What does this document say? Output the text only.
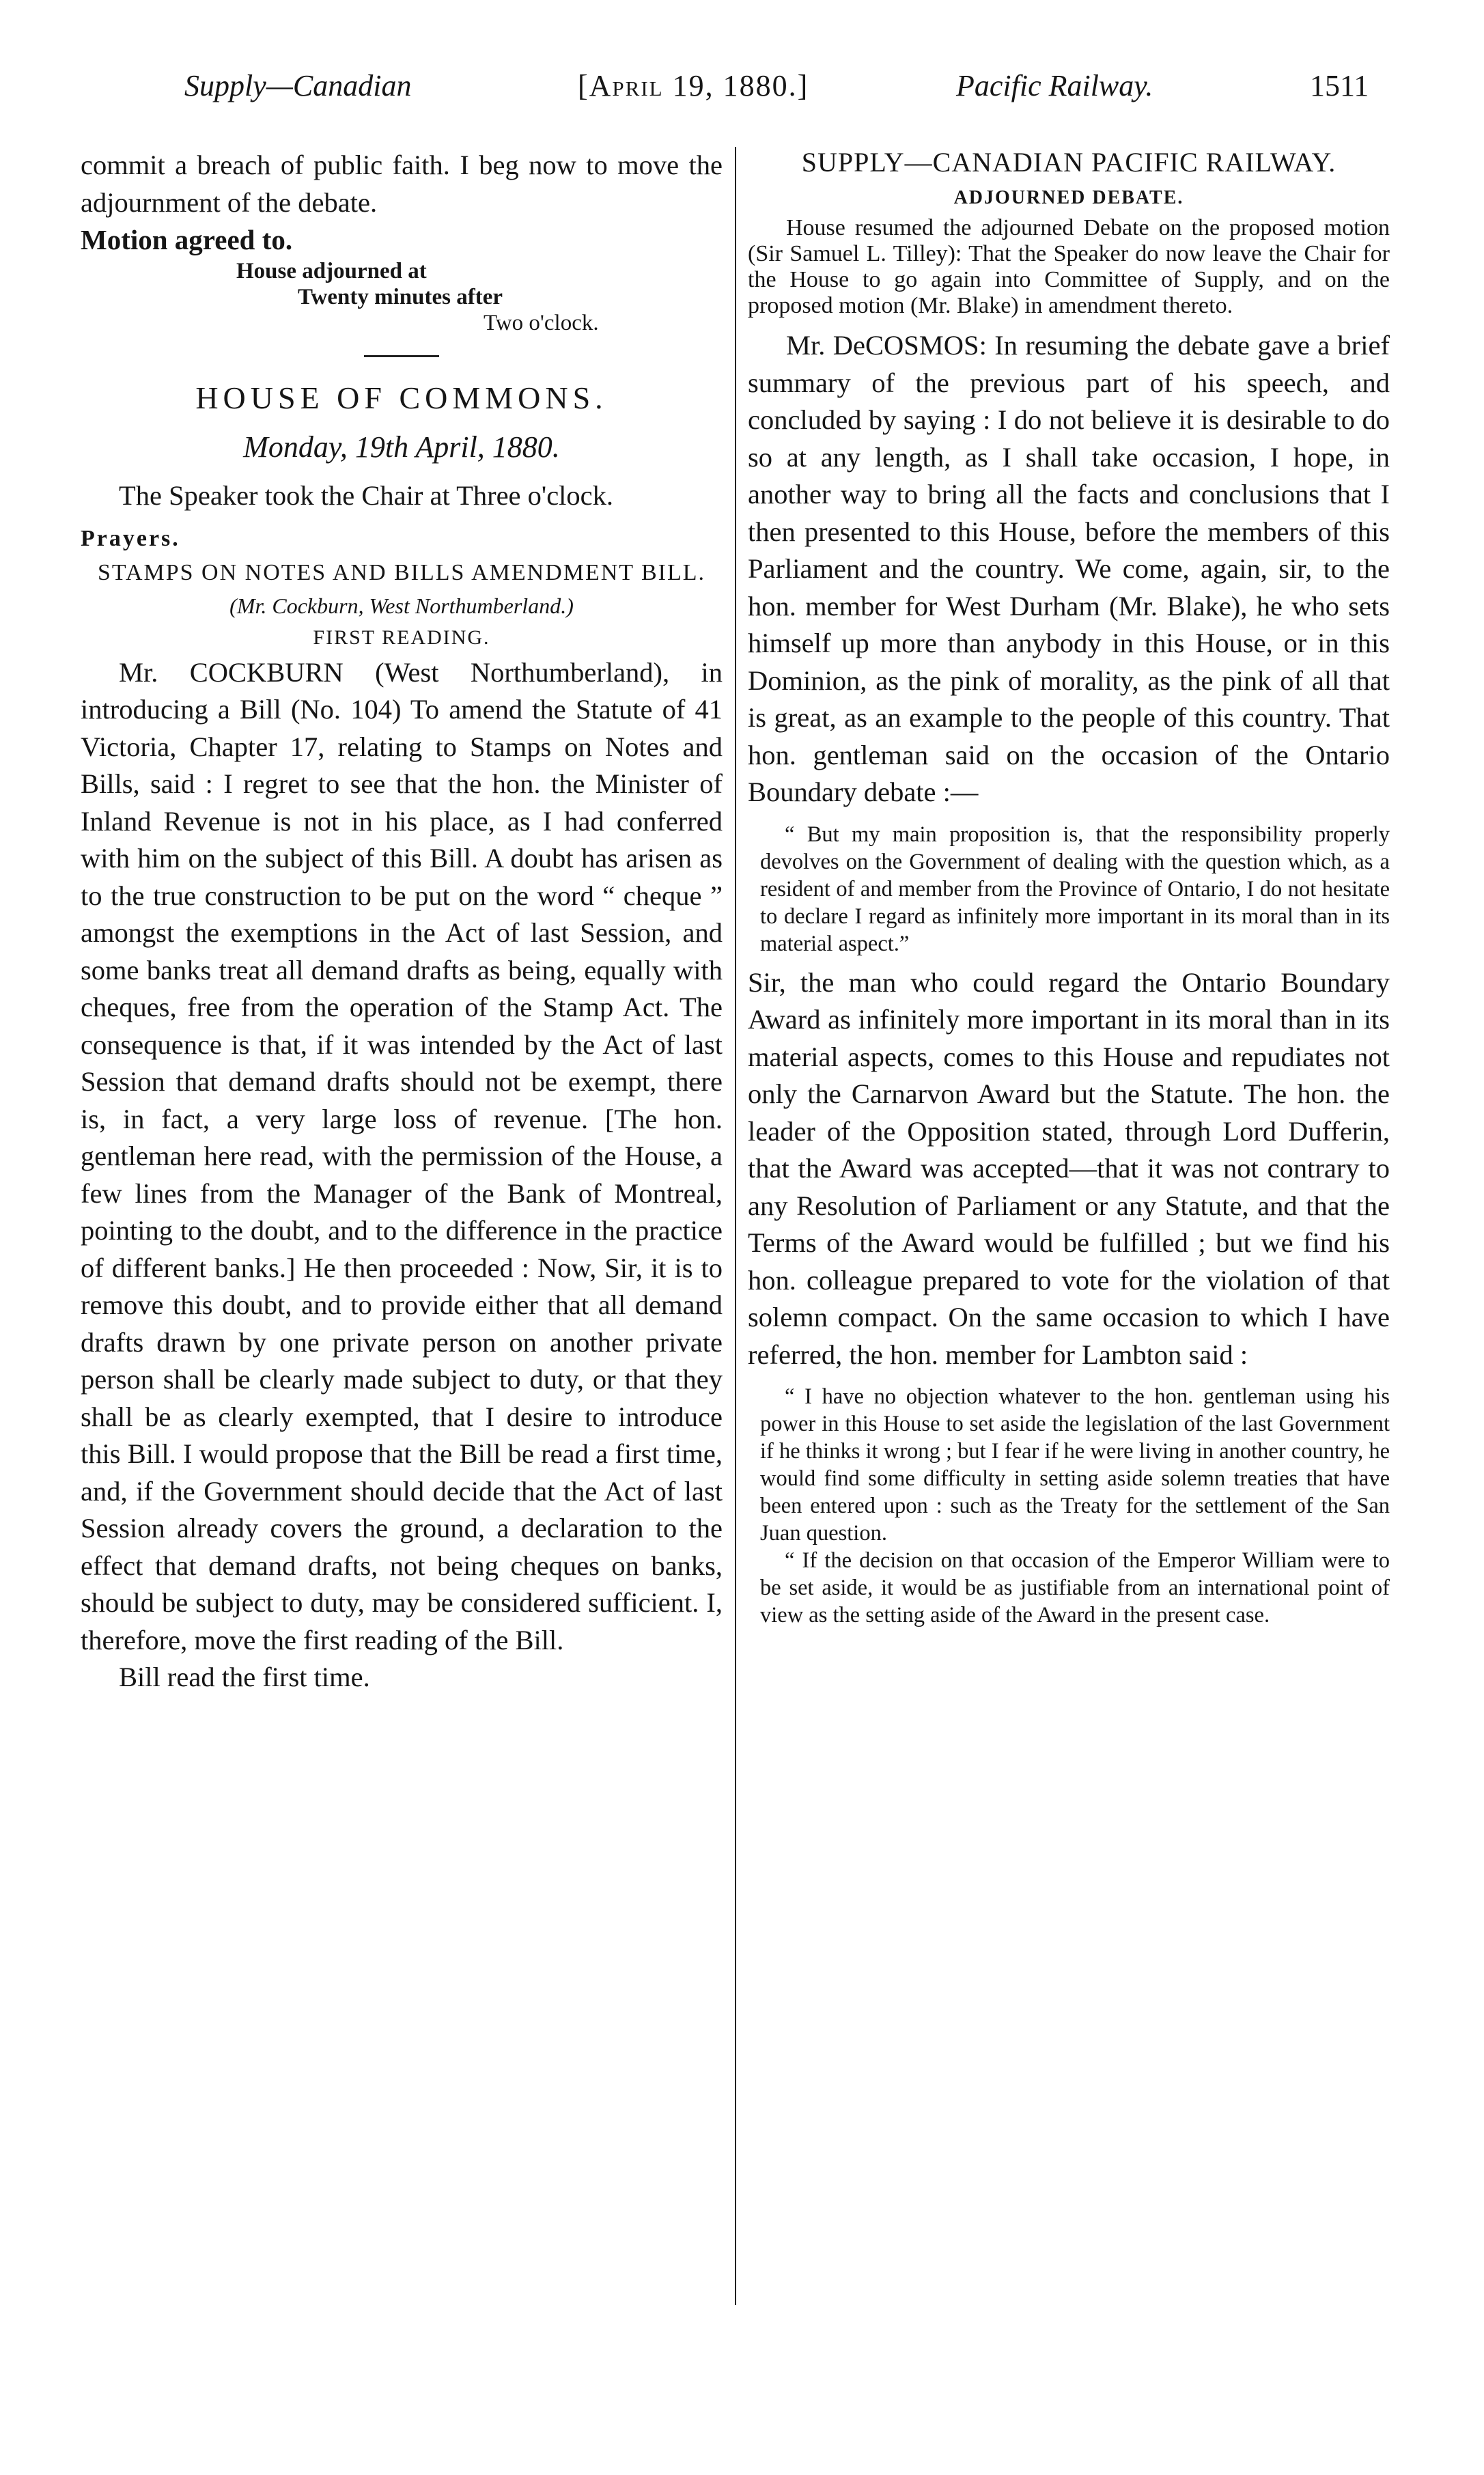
Supply—Canadian	[April 19, 1880.]	Pacific Railway.	1511

commit a breach of public faith. I beg now to move the adjournment of the debate.

Motion agreed to.

House adjourned at
Twenty minutes after
Two o'clock.

HOUSE OF COMMONS.

Monday, 19th April, 1880.

The Speaker took the Chair at Three o'clock.

Prayers.

STAMPS ON NOTES AND BILLS AMENDMENT BILL.

(Mr. Cockburn, West Northumberland.)

FIRST READING.

Mr. COCKBURN (West Northumberland), in introducing a Bill (No. 104) To amend the Statute of 41 Victoria, Chapter 17, relating to Stamps on Notes and Bills, said : I regret to see that the hon. the Minister of Inland Revenue is not in his place, as I had conferred with him on the subject of this Bill. A doubt has arisen as to the true construction to be put on the word “ cheque ” amongst the exemptions in the Act of last Session, and some banks treat all demand drafts as being, equally with cheques, free from the operation of the Stamp Act. The consequence is that, if it was intended by the Act of last Session that demand drafts should not be exempt, there is, in fact, a very large loss of revenue. [The hon. gentleman here read, with the permission of the House, a few lines from the Manager of the Bank of Montreal, pointing to the doubt, and to the difference in the practice of different banks.] He then proceeded : Now, Sir, it is to remove this doubt, and to provide either that all demand drafts drawn by one private person on another private person shall be clearly made subject to duty, or that they shall be as clearly exempted, that I desire to introduce this Bill. I would propose that the Bill be read a first time, and, if the Government should decide that the Act of last Session already covers the ground, a declaration to the effect that demand drafts, not being cheques on banks, should be subject to duty, may be considered sufficient. I, therefore, move the first reading of the Bill.

Bill read the first time.

SUPPLY—CANADIAN PACIFIC RAILWAY.

ADJOURNED DEBATE.

House resumed the adjourned Debate on the proposed motion (Sir Samuel L. Tilley): That the Speaker do now leave the Chair for the House to go again into Committee of Supply, and on the proposed motion (Mr. Blake) in amendment thereto.

Mr. DeCOSMOS: In resuming the debate gave a brief summary of the previous part of his speech, and concluded by saying : I do not believe it is desirable to do so at any length, as I shall take occasion, I hope, in another way to bring all the facts and conclusions that I then presented to this House, before the members of this Parliament and the country. We come, again, sir, to the hon. member for West Durham (Mr. Blake), he who sets himself up more than anybody in this House, or in this Dominion, as the pink of morality, as the pink of all that is great, as an example to the people of this country. That hon. gentleman said on the occasion of the Ontario Boundary debate :—

“ But my main proposition is, that the responsibility properly devolves on the Government of dealing with the question which, as a resident of and member from the Province of Ontario, I do not hesitate to declare I regard as infinitely more important in its moral than in its material aspect.”

Sir, the man who could regard the Ontario Boundary Award as infinitely more important in its moral than in its material aspects, comes to this House and repudiates not only the Carnarvon Award but the Statute. The hon. the leader of the Opposition stated, through Lord Dufferin, that the Award was accepted—that it was not contrary to any Resolution of Parliament or any Statute, and that the Terms of the Award would be fulfilled ; but we find his hon. colleague prepared to vote for the violation of that solemn compact. On the same occasion to which I have referred, the hon. member for Lambton said :

“ I have no objection whatever to the hon. gentleman using his power in this House to set aside the legislation of the last Government if he thinks it wrong ; but I fear if he were living in another country, he would find some difficulty in setting aside solemn treaties that have been entered upon : such as the Treaty for the settlement of the San Juan question.

“ If the decision on that occasion of the Emperor William were to be set aside, it would be as justifiable from an international point of view as the setting aside of the Award in the present case.
